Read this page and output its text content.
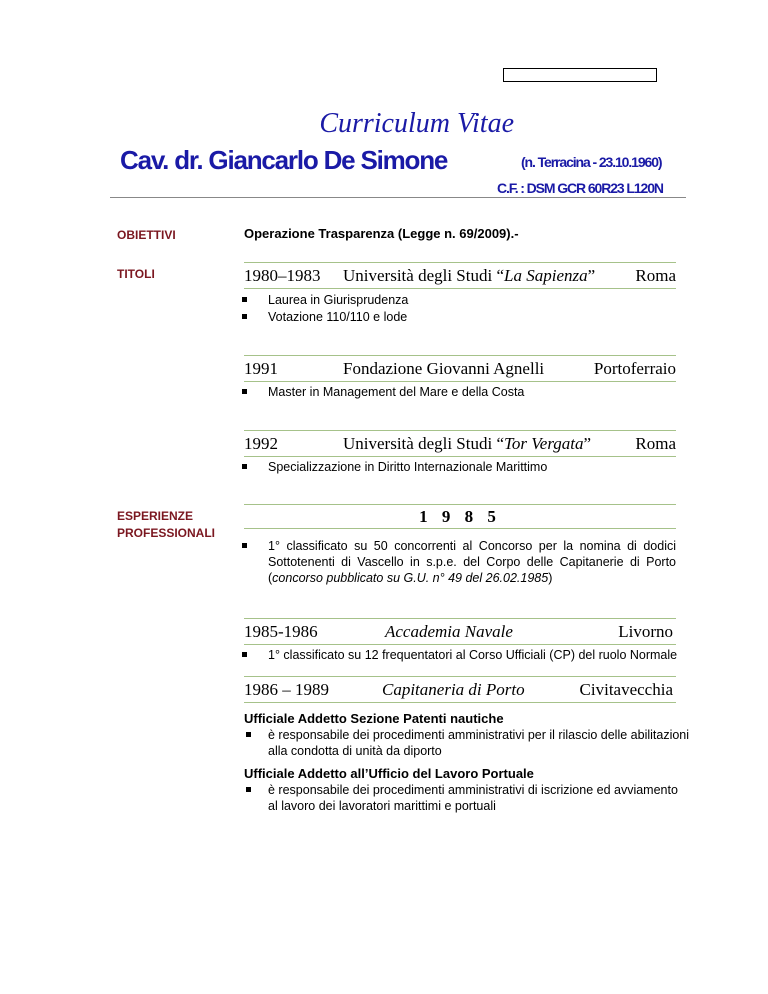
Curriculum Vitae
Cav. dr. Giancarlo De Simone	(n. Terracina - 23.10.1960)
C.F. : DSM GCR 60R23 L120N
OBIETTIVI
TITOLI
ESPERIENZE
PROFESSIONALI
Operazione Trasparenza (Legge n. 69/2009).-
1980–1983 Università degli Studi “La Sapienza” Roma
Laurea in Giurisprudenza
Votazione 110/110 e lode
1991	Fondazione Giovanni Agnelli	Portoferraio
Master in Management del Mare e della Costa
1992	Università degli Studi “Tor Vergata”	Roma
Specializzazione in Diritto Internazionale Marittimo
1 9 8 5
1° classificato su 50 concorrenti al Concorso per la nomina di dodici
Sottotenenti di Vascello in s.p.e. del Corpo delle Capitanerie di Porto
(concorso pubblicato su G.U. n° 49 del 26.02.1985)
1985-1986	Accademia Navale	Livorno
1° classificato su 12 frequentatori al Corso Ufficiali (CP) del ruolo Normale
1986 – 1989	Capitaneria di Porto	Civitavecchia
Ufficiale Addetto Sezione Patenti nautiche
è responsabile dei procedimenti amministrativi per il rilascio delle abilitazioni
alla condotta di unità da diporto
Ufficiale Addetto all’Ufficio del Lavoro Portuale
è responsabile dei procedimenti amministrativi di iscrizione ed avviamento
al lavoro dei lavoratori marittimi e portuali
